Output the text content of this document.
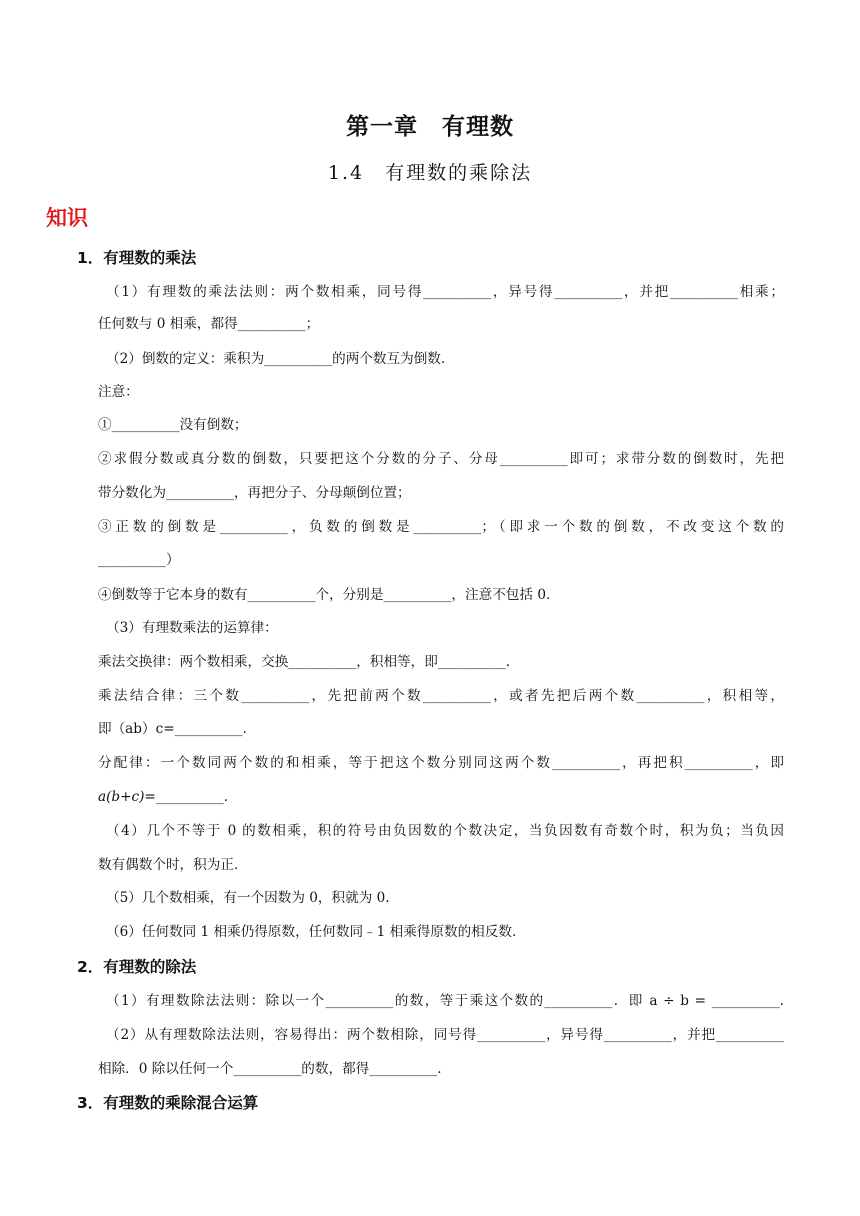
第一章　有理数
1.4　有理数的乘除法
知识
1．有理数的乘法
（1）有理数的乘法法则：两个数相乘，同号得__________，异号得__________，并把__________相乘；
任何数与 0 相乘，都得__________；
（2）倒数的定义：乘积为__________的两个数互为倒数.
注意：
①__________没有倒数；
②求假分数或真分数的倒数，只要把这个分数的分子、分母__________即可；求带分数的倒数时，先把
带分数化为__________，再把分子、分母颠倒位置；
③正数的倒数是__________，负数的倒数是__________；（即求一个数的倒数，不改变这个数的
__________）
④倒数等于它本身的数有__________个，分别是__________，注意不包括 0.
（3）有理数乘法的运算律：
乘法交换律：两个数相乘，交换__________，积相等，即__________.
乘法结合律：三个数__________，先把前两个数__________，或者先把后两个数__________，积相等，
即（ab）c=__________.
分配律：一个数同两个数的和相乘，等于把这个数分别同这两个数__________，再把积__________，即
a(b+c)=__________.
（4）几个不等于 0 的数相乘，积的符号由负因数的个数决定，当负因数有奇数个时，积为负；当负因
数有偶数个时，积为正.
（5）几个数相乘，有一个因数为 0，积就为 0.
（6）任何数同 1 相乘仍得原数，任何数同﹣1 相乘得原数的相反数.
2．有理数的除法
（1）有理数除法法则：除以一个__________的数，等于乘这个数的__________．即 a ÷ b = __________.
（2）从有理数除法法则，容易得出：两个数相除，同号得__________，异号得__________，并把__________
相除．0 除以任何一个__________的数，都得__________.
3．有理数的乘除混合运算
